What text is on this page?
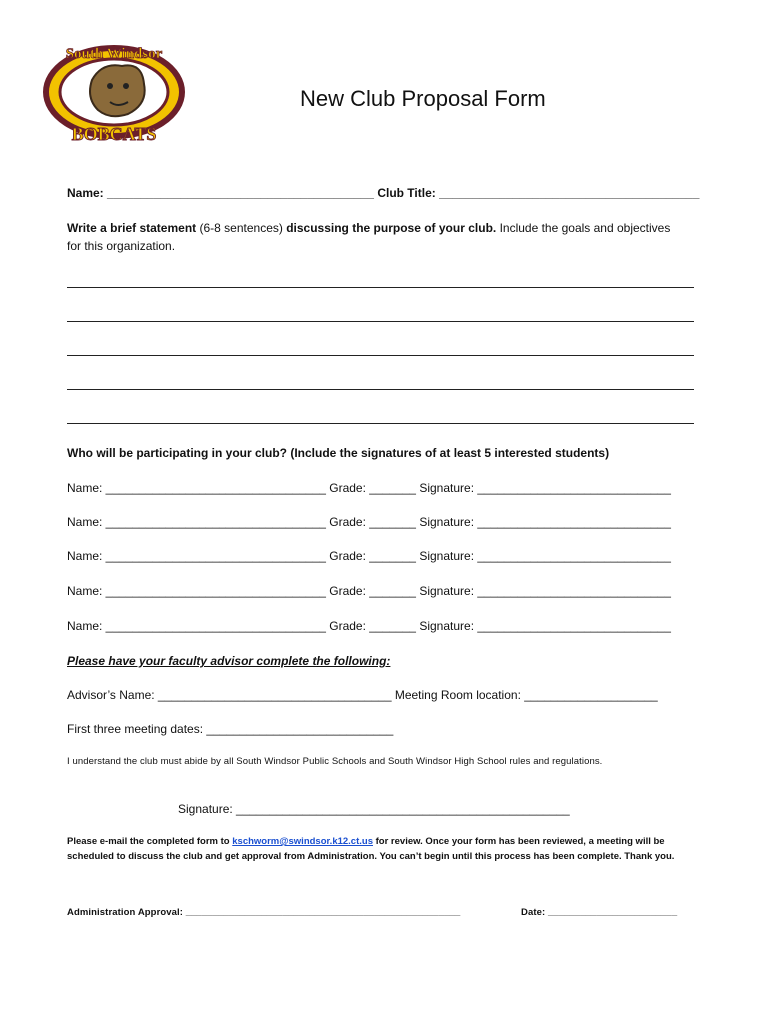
South Windsor
BOBCATS
New Club Proposal Form
Name: ________________________________________ Club Title: _______________________________________
Write a brief statement (6-8 sentences) discussing the purpose of your club. Include the goals and objectives
for this organization.
Who will be participating in your club? (Include the signatures of at least 5 interested students)
Name: _________________________________ Grade: _______ Signature: _____________________________
Name: _________________________________ Grade: _______ Signature: _____________________________
Name: _________________________________ Grade: _______ Signature: _____________________________
Name: _________________________________ Grade: _______ Signature: _____________________________
Name: _________________________________ Grade: _______ Signature: _____________________________
Please have your faculty advisor complete the following:
Advisor’s Name: ___________________________________ Meeting Room location: ____________________
First three meeting dates: ____________________________
I understand the club must abide by all South Windsor Public Schools and South Windsor High School rules and regulations.
Signature: __________________________________________________
Please e-mail the completed form to kschworm@swindsor.k12.ct.us for review. Once your form has been reviewed, a meeting will be scheduled to discuss the club and get approval from Administration. You can’t begin until this process has been complete. Thank you.
Administration Approval: ___________________________________________________	Date: ________________________
